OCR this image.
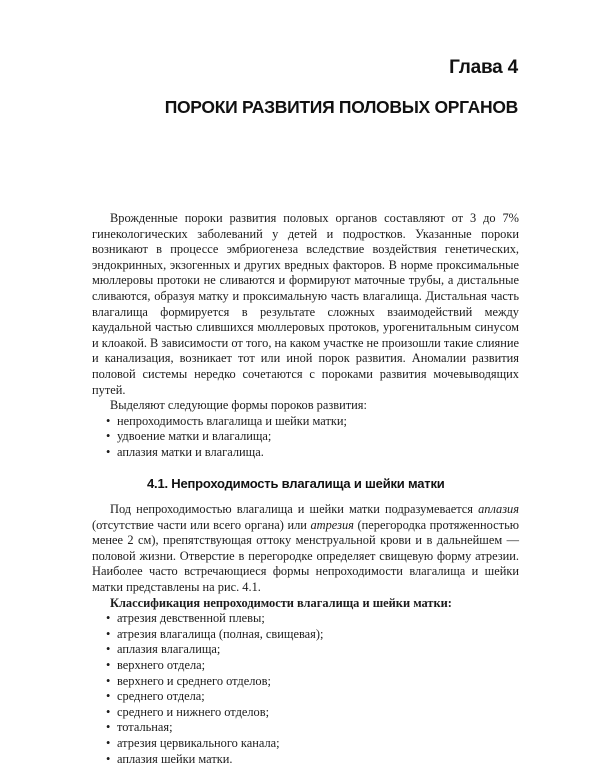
Глава 4
ПОРОКИ РАЗВИТИЯ ПОЛОВЫХ ОРГАНОВ

Врожденные пороки развития половых органов составляют от 3 до 7% гинекологических заболеваний у детей и подростков. Указанные пороки возникают в процессе эмбриогенеза вследствие воздействия генетических, эндокринных, экзогенных и других вредных факторов. В норме проксимальные мюллеровы протоки не сливаются и формируют маточные трубы, а дистальные сливаются, образуя матку и проксимальную часть влагалища. Дистальная часть влагалища формируется в результате сложных взаимодействий между каудальной частью слившихся мюллеровых протоков, урогенитальным синусом и клоакой. В зависимости от того, на каком участке не произошли такие слияние и канализация, возникает тот или иной порок развития. Аномалии развития половой системы нередко сочетаются с пороками развития мочевыводящих путей.

Выделяют следующие формы пороков развития:

• непроходимость влагалища и шейки матки;
• удвоение матки и влагалища;
• аплазия матки и влагалища.
4.1. Непроходимость влагалища и шейки матки

Под непроходимостью влагалища и шейки матки подразумевается аплазия (отсутствие части или всего органа) или атрезия (перегородка протяженностью менее 2 см), препятствующая оттоку менструальной крови и в дальнейшем — половой жизни. Отверстие в перегородке определяет свищевую форму атрезии. Наиболее часто встречающиеся формы непроходимости влагалища и шейки матки представлены на рис. 4.1.

Классификация непроходимости влагалища и шейки матки:

• атрезия девственной плевы;
• атрезия влагалища (полная, свищевая);
• аплазия влагалища;
• верхнего отдела;
• верхнего и среднего отделов;
• среднего отдела;
• среднего и нижнего отделов;
• тотальная;
• атрезия цервикального канала;
• аплазия шейки матки.
